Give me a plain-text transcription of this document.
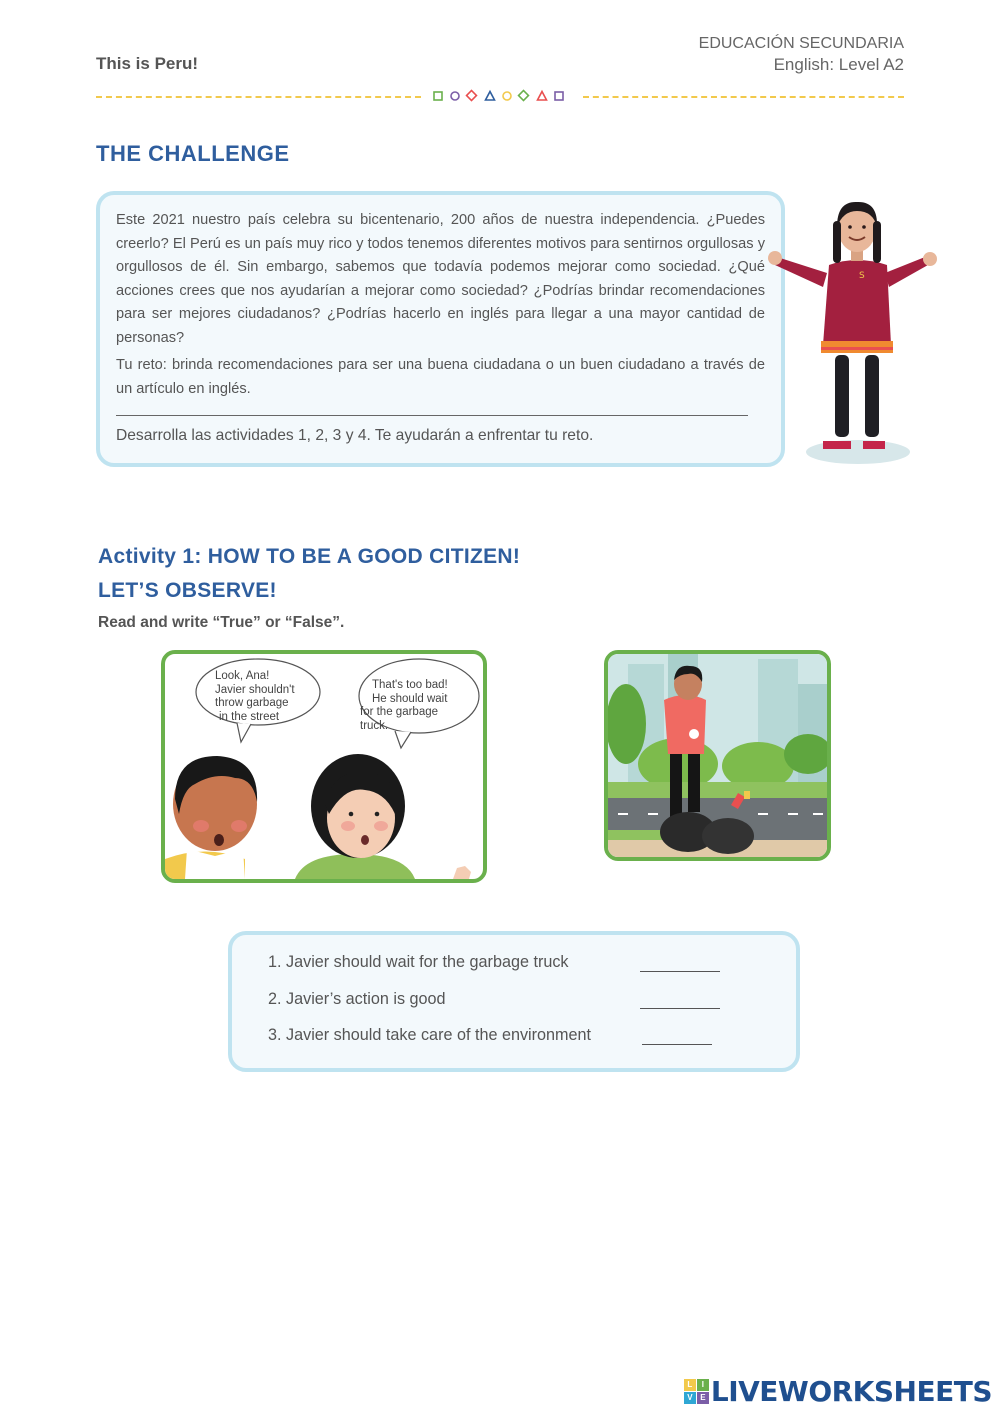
This is Peru!
EDUCACIÓN SECUNDARIA
English: Level A2
THE CHALLENGE

Este 2021 nuestro país celebra su bicentenario, 200 años de nuestra independencia. ¿Puedes creerlo? El Perú es un país muy rico y todos tenemos diferentes motivos para sentirnos orgullosas y orgullosos de él. Sin embargo, sabemos que todavía podemos mejorar como sociedad. ¿Qué acciones crees que nos ayudarían a mejorar como sociedad? ¿Podrías brindar recomendaciones para ser mejores ciudadanos? ¿Podrías hacerlo en inglés para llegar a una mayor cantidad de personas?

Tu reto: brinda recomendaciones para ser una buena ciudadana o un buen ciudadano a través de un artículo en inglés.

Desarrolla las actividades 1, 2, 3 y 4. Te ayudarán a enfrentar tu reto.
S
Activity 1: HOW TO BE A GOOD CITIZEN!
LET’S OBSERVE!
Read and write “True” or “False”.
Look, Ana!
Javier shouldn't
throw garbage
in the street
That's too bad!
He should wait
for the garbage
truck.
1. Javier should wait for the garbage truck
2. Javier’s action is good
3. Javier should take care of the environment
L	I
V E LIVEWORKSHEETS
